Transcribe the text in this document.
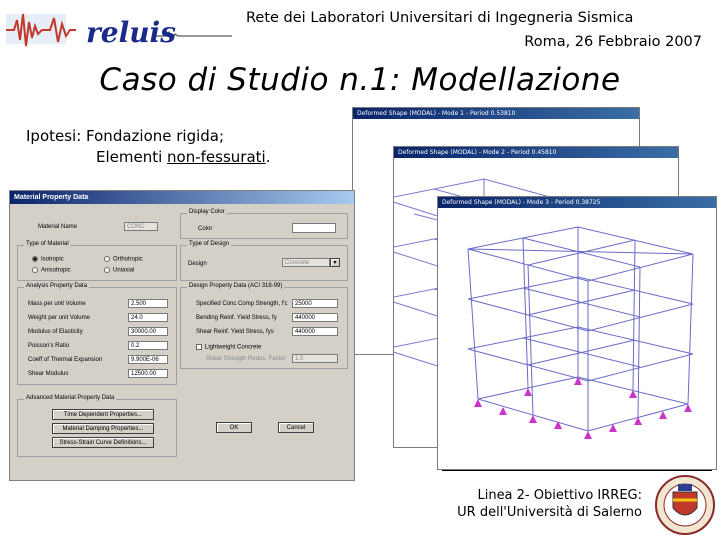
reluis	Rete dei Laboratori Universitari di Ingegneria Sismica
Roma, 26 Febbraio 2007
Caso di Studio n.1: Modellazione
Ipotesi: Fondazione rigida;
Elementi non-fessurati.
Deformed Shape (MODAL) - Mode 1 - Period 0.53810
Deformed Shape (MODAL) - Mode 2 - Period 0.45810
Deformed Shape (MODAL) - Mode 3 - Period 0.38725
Material Property Data
Material Name	CONC
Display Color
Color
Type of Material
Isotropic	Orthotropic
Anisotropic	Uniaxial
Type of Design
Design	Concrete	▾
Analysis Property Data
Mass per unit Volume	2.500
Weight per unit Volume	24.0
Modulus of Elasticity	30000.00
Poisson's Ratio	0.2
Coeff of Thermal Expansion	9.900E-06
Shear Modulus	12500.00
Design Property Data (ACI 318-99)
Specified Conc Comp Strength, f'c	25000
Bending Reinf. Yield Stress, fy	440000
Shear Reinf. Yield Stress, fys	440000
Lightweight Concrete
Shear Strength Reduc. Factor	1.0
Advanced Material Property Data
Time Dependent Properties...
Material Damping Properties...
Stress-Strain Curve Definitions...
OK	Cancel
Linea 2- Obiettivo IRREG:
UR dell'Università di Salerno
